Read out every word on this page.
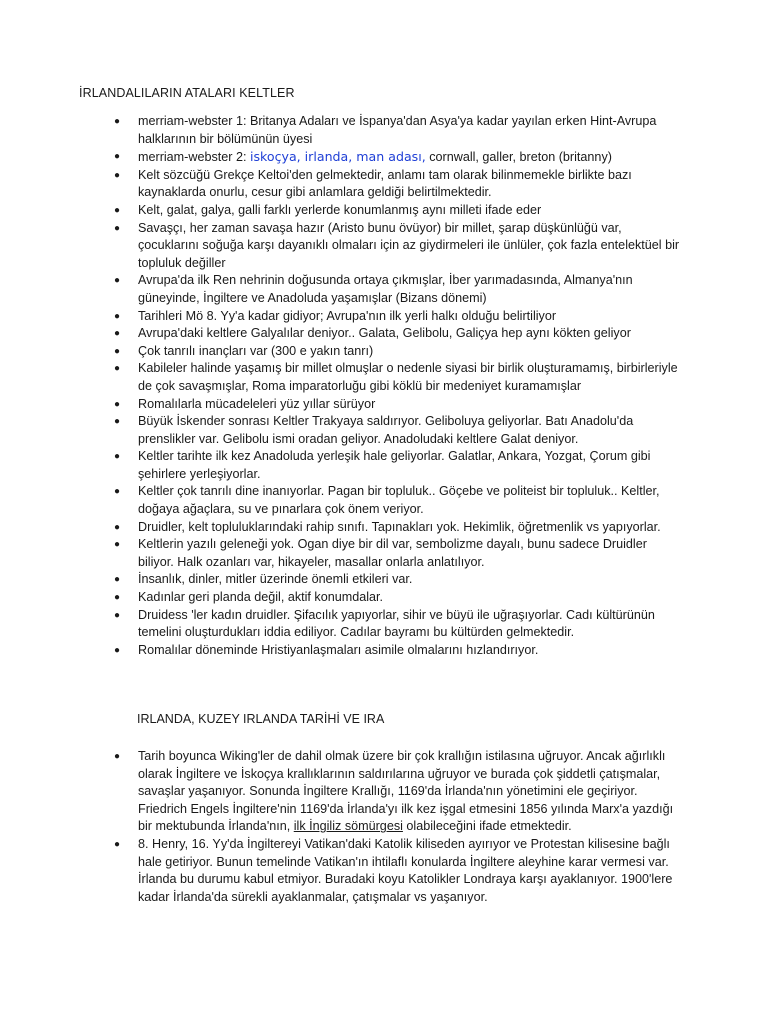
İRLANDALILARIN ATALARI KELTLER
● merriam-webster 1: Britanya Adaları ve İspanya'dan Asya'ya kadar yayılan erken Hint-Avrupa halklarının bir bölümünün üyesi
● merriam-webster 2: iskoçya, irlanda, man adası, cornwall, galler, breton (britanny)
● Kelt sözcüğü Grekçe Keltoi'den gelmektedir, anlamı tam olarak bilinmemekle birlikte bazı kaynaklarda onurlu, cesur gibi anlamlara geldiği belirtilmektedir.
● Kelt, galat, galya, galli farklı yerlerde konumlanmış aynı milleti ifade eder
● Savaşçı, her zaman savaşa hazır (Aristo bunu övüyor) bir millet, şarap düşkünlüğü var, çocuklarını soğuğa karşı dayanıklı olmaları için az giydirmeleri ile ünlüler, çok fazla entelektüel bir topluluk değiller
● Avrupa'da ilk Ren nehrinin doğusunda ortaya çıkmışlar, İber yarımadasında, Almanya'nın güneyinde, İngiltere ve Anadoluda yaşamışlar (Bizans dönemi)
● Tarihleri Mö 8. Yy'a kadar gidiyor; Avrupa'nın ilk yerli halkı olduğu belirtiliyor
● Avrupa'daki keltlere Galyalılar deniyor.. Galata, Gelibolu, Galiçya hep aynı kökten geliyor
● Çok tanrılı inançları var (300 e yakın tanrı)
● Kabileler halinde yaşamış bir millet olmuşlar o nedenle siyasi bir birlik oluşturamamış, birbirleriyle de çok savaşmışlar, Roma imparatorluğu gibi köklü bir medeniyet kuramamışlar
● Romalılarla mücadeleleri yüz yıllar sürüyor
● Büyük İskender sonrası Keltler Trakyaya saldırıyor. Geliboluya geliyorlar. Batı Anadolu'da prenslikler var. Gelibolu ismi oradan geliyor. Anadoludaki keltlere Galat deniyor.
● Keltler tarihte ilk kez Anadoluda yerleşik hale geliyorlar. Galatlar, Ankara, Yozgat, Çorum gibi şehirlere yerleşiyorlar.
● Keltler çok tanrılı dine inanıyorlar. Pagan bir topluluk.. Göçebe ve politeist bir topluluk.. Keltler, doğaya ağaçlara, su ve pınarlara çok önem veriyor.
● Druidler, kelt topluluklarındaki rahip sınıfı. Tapınakları yok. Hekimlik, öğretmenlik vs yapıyorlar.
● Keltlerin yazılı geleneği yok. Ogan diye bir dil var, sembolizme dayalı, bunu sadece Druidler biliyor. Halk ozanları var, hikayeler, masallar onlarla anlatılıyor.
● İnsanlık, dinler, mitler üzerinde önemli etkileri var.
● Kadınlar geri planda değil, aktif konumdalar.
● Druidess 'ler kadın druidler. Şifacılık yapıyorlar, sihir ve büyü ile uğraşıyorlar. Cadı kültürünün temelini oluşturdukları iddia ediliyor. Cadılar bayramı bu kültürden gelmektedir.
● Romalılar döneminde Hristiyanlaşmaları asimile olmalarını hızlandırıyor.
IRLANDA, KUZEY IRLANDA TARİHİ VE IRA
● Tarih boyunca Wiking'ler de dahil olmak üzere bir çok krallığın istilasına uğruyor. Ancak ağırlıklı olarak İngiltere ve İskoçya krallıklarının saldırılarına uğruyor ve burada çok şiddetli çatışmalar, savaşlar yaşanıyor. Sonunda İngiltere Krallığı, 1169'da İrlanda'nın yönetimini ele geçiriyor. Friedrich Engels İngiltere'nin 1169'da İrlanda'yı ilk kez işgal etmesini 1856 yılında Marx'a yazdığı bir mektubunda İrlanda'nın, ilk İngiliz sömürgesi olabileceğini ifade etmektedir.
● 8. Henry, 16. Yy'da İngiltereyi Vatikan'daki Katolik kiliseden ayırıyor ve Protestan kilisesine bağlı hale getiriyor. Bunun temelinde Vatikan'ın ihtilaflı konularda İngiltere aleyhine karar vermesi var. İrlanda bu durumu kabul etmiyor. Buradaki koyu Katolikler Londraya karşı ayaklanıyor. 1900'lere kadar İrlanda'da sürekli ayaklanmalar, çatışmalar vs yaşanıyor.
